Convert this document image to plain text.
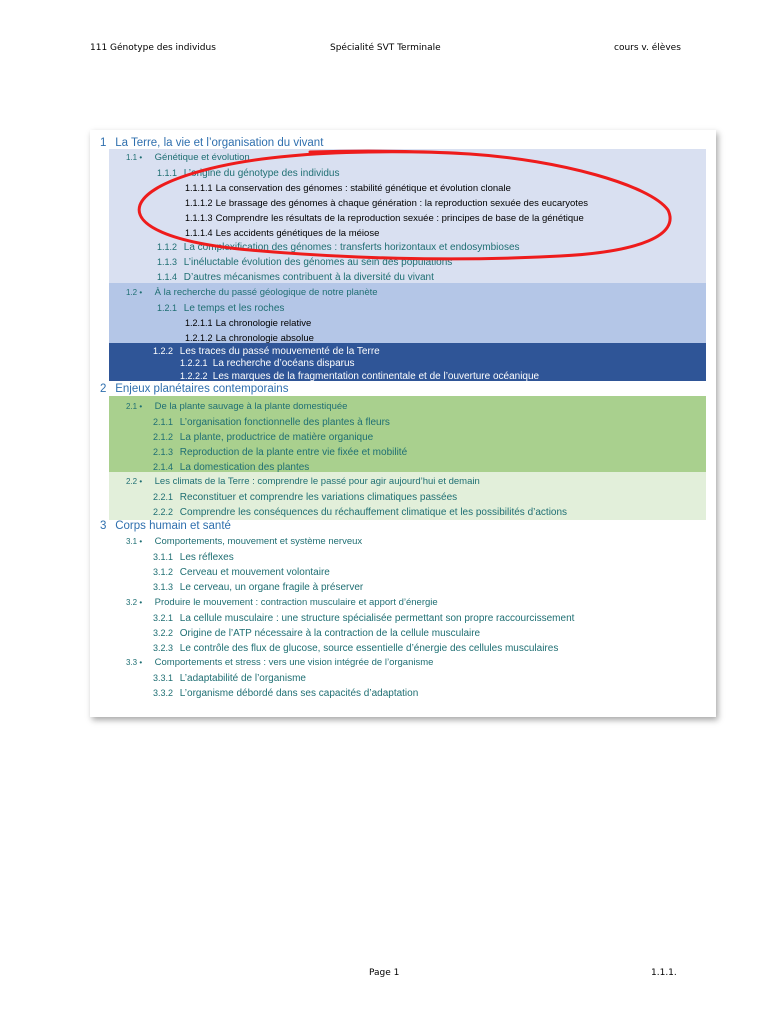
111 Génotype des individus	Spécialité SVT Terminale	cours v. élèves
1 La Terre, la vie et l’organisation du vivant
1.1 • Génétique et évolution
1.1.1 L’origine du génotype des individus
1.1.1.1 La conservation des génomes : stabilité génétique et évolution clonale
1.1.1.2 Le brassage des génomes à chaque génération : la reproduction sexuée des eucaryotes
1.1.1.3 Comprendre les résultats de la reproduction sexuée : principes de base de la génétique
1.1.1.4 Les accidents génétiques de la méiose
1.1.2 La complexification des génomes : transferts horizontaux et endosymbioses
1.1.3 L’inéluctable évolution des génomes au sein des populations
1.1.4 D’autres mécanismes contribuent à la diversité du vivant
1.2 • À la recherche du passé géologique de notre planète
1.2.1 Le temps et les roches
1.2.1.1 La chronologie relative
1.2.1.2 La chronologie absolue
1.2.2 Les traces du passé mouvementé de la Terre
1.2.2.1 La recherche d’océans disparus
1.2.2.2 Les marques de la fragmentation continentale et de l’ouverture océanique
2 Enjeux planétaires contemporains
2.1 • De la plante sauvage à la plante domestiquée
2.1.1 L’organisation fonctionnelle des plantes à fleurs
2.1.2 La plante, productrice de matière organique
2.1.3 Reproduction de la plante entre vie fixée et mobilité
2.1.4 La domestication des plantes
2.2 • Les climats de la Terre : comprendre le passé pour agir aujourd’hui et demain
2.2.1 Reconstituer et comprendre les variations climatiques passées
2.2.2 Comprendre les conséquences du réchauffement climatique et les possibilités d’actions
3 Corps humain et santé
3.1 • Comportements, mouvement et système nerveux
3.1.1 Les réflexes
3.1.2 Cerveau et mouvement volontaire
3.1.3 Le cerveau, un organe fragile à préserver
3.2 • Produire le mouvement : contraction musculaire et apport d’énergie
3.2.1 La cellule musculaire : une structure spécialisée permettant son propre raccourcissement
3.2.2 Origine de l’ATP nécessaire à la contraction de la cellule musculaire
3.2.3 Le contrôle des flux de glucose, source essentielle d’énergie des cellules musculaires
3.3 • Comportements et stress : vers une vision intégrée de l’organisme
3.3.1 L’adaptabilité de l’organisme
3.3.2 L’organisme débordé dans ses capacités d’adaptation
Page 1	1.1.1.
